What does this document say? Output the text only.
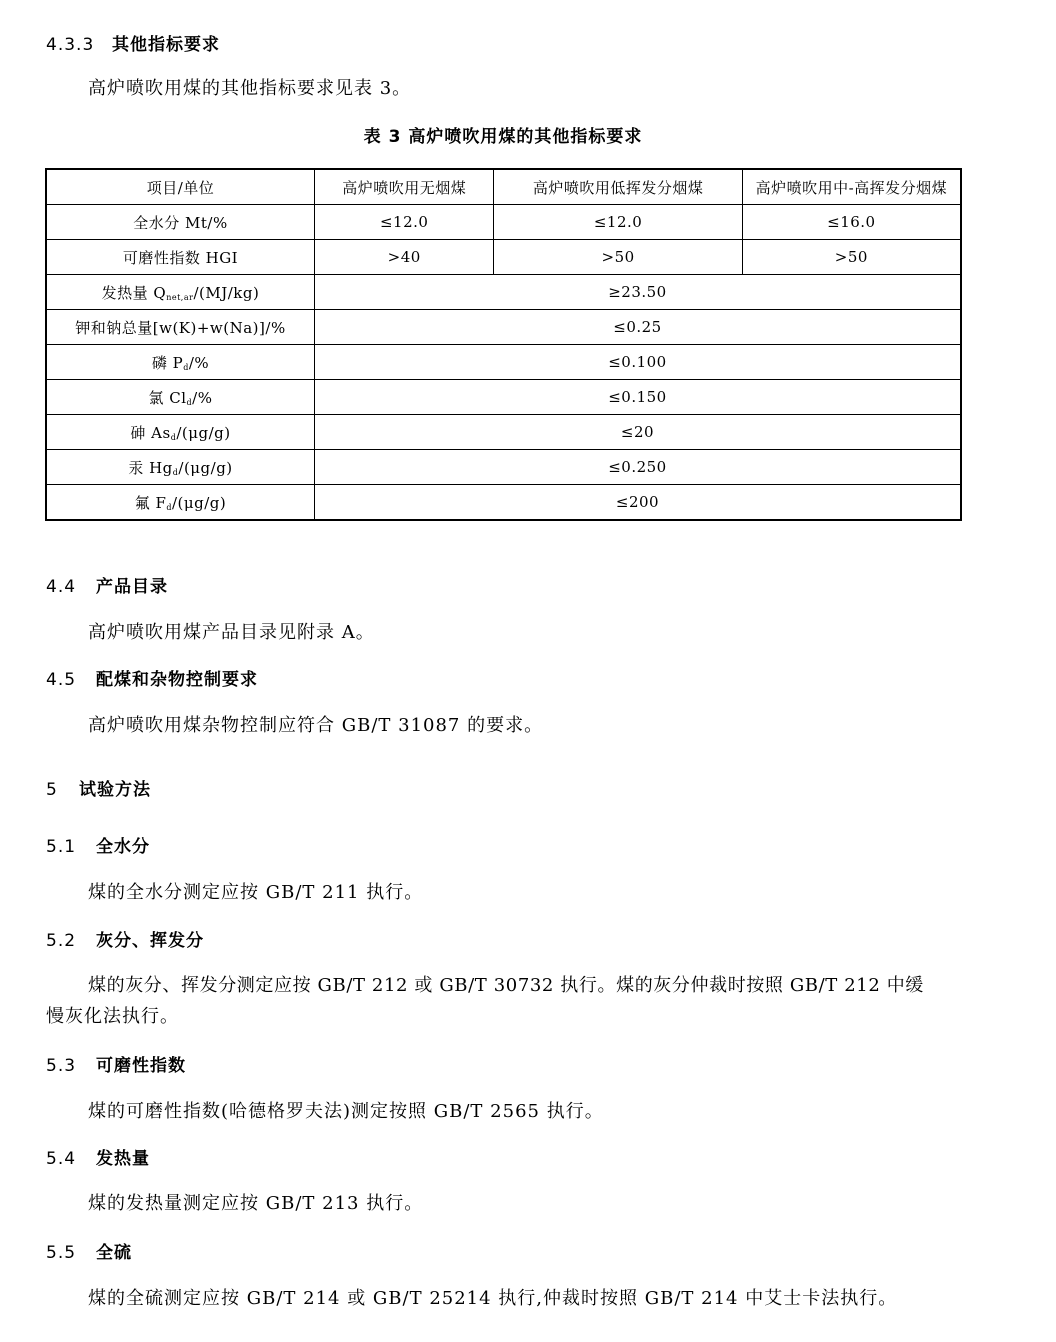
4.3.3 其他指标要求
高炉喷吹用煤的其他指标要求见表 3。
表 3 高炉喷吹用煤的其他指标要求
项目/单位	高炉喷吹用无烟煤	高炉喷吹用低挥发分烟煤	高炉喷吹用中-高挥发分烟煤
全水分 Mt/%	≤12.0	≤12.0	≤16.0
可磨性指数 HGI	>40	>50	>50
发热量 $Q_{net,ar}/(MJ/kg)$	≥23.50		
钾和钠总量[w(K)+w(Na)]/%	≤0.25		
磷 $P_d/\%$	≤0.100		
氯 $Cl_d/\%$	≤0.150		
砷 $As_d/(\mu g/g)$	≤20		
汞 $Hg_d/(\mu g/g)$	≤0.250		
氟 $F_d/(\mu g/g)$	≤200		
4.4 产品目录
高炉喷吹用煤产品目录见附录 A。
4.5 配煤和杂物控制要求
高炉喷吹用煤杂物控制应符合 GB/T 31087 的要求。
5 试验方法
5.1 全水分
煤的全水分测定应按 GB/T 211 执行。
5.2 灰分、挥发分
煤的灰分、挥发分测定应按 GB/T 212 或 GB/T 30732 执行。煤的灰分仲裁时按照 GB/T 212 中缓
慢灰化法执行。
5.3 可磨性指数
煤的可磨性指数(哈德格罗夫法)测定按照 GB/T 2565 执行。
5.4 发热量
煤的发热量测定应按 GB/T 213 执行。
5.5 全硫
煤的全硫测定应按 GB/T 214 或 GB/T 25214 执行,仲裁时按照 GB/T 214 中艾士卡法执行。
